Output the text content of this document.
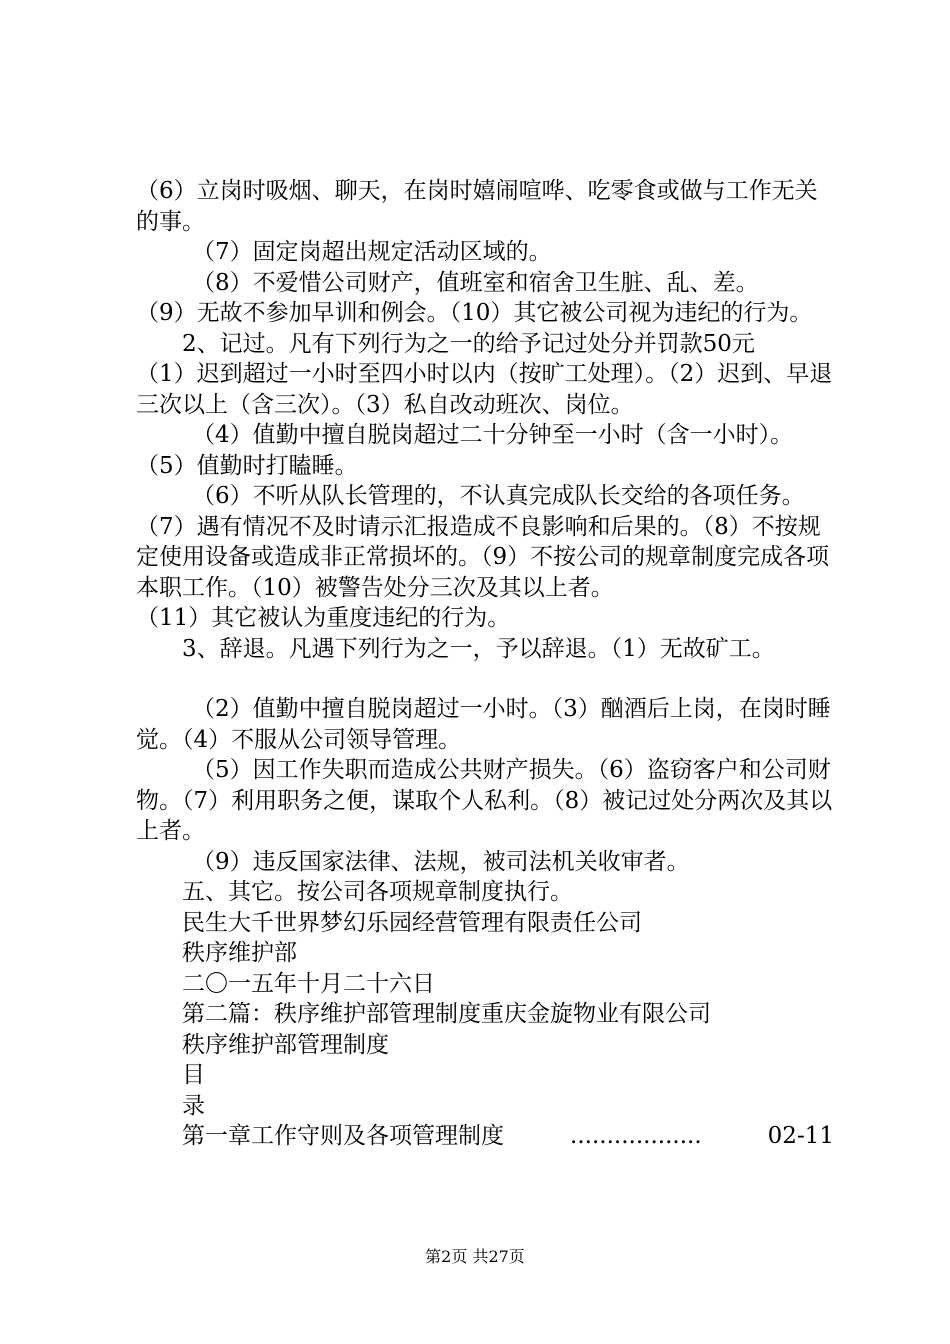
（6）立岗时吸烟、聊天，在岗时嬉闹喧哗、吃零食或做与工作无关的事。

（7）固定岗超出规定活动区域的。

（8）不爱惜公司财产，值班室和宿舍卫生脏、乱、差。

（9）无故不参加早训和例会。（10）其它被公司视为违纪的行为。

2、记过。凡有下列行为之一的给予记过处分并罚款50元

（1）迟到超过一小时至四小时以内（按旷工处理）。（2）迟到、早退三次以上（含三次）。（3）私自改动班次、岗位。

（4）值勤中擅自脱岗超过二十分钟至一小时（含一小时）。

（5）值勤时打瞌睡。

（6）不听从队长管理的，不认真完成队长交给的各项任务。

（7）遇有情况不及时请示汇报造成不良影响和后果的。（8）不按规定使用设备或造成非正常损坏的。（9）不按公司的规章制度完成各项本职工作。（10）被警告处分三次及其以上者。

（11）其它被认为重度违纪的行为。

3、辞退。凡遇下列行为之一，予以辞退。（1）无故矿工。

（2）值勤中擅自脱岗超过一小时。（3）酗酒后上岗，在岗时睡觉。（4）不服从公司领导管理。

（5）因工作失职而造成公共财产损失。（6）盗窃客户和公司财物。（7）利用职务之便，谋取个人私利。（8）被记过处分两次及其以上者。

（9）违反国家法律、法规，被司法机关收审者。

五、其它。按公司各项规章制度执行。

民生大千世界梦幻乐园经营管理有限责任公司

秩序维护部

二〇一五年十月二十六日

第二篇：秩序维护部管理制度重庆金旋物业有限公司

秩序维护部管理制度

目

录

第一章工作守则及各项管理制度	..................	02-11

第2页 共27页
